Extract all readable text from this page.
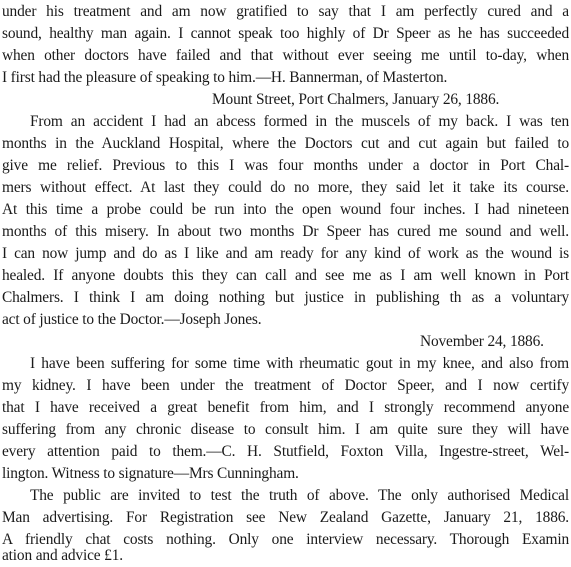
under his treatment and am now gratified to say that I am perfectly cured and a
sound, healthy man again. I cannot speak too highly of Dr Speer as he has succeeded
when other doctors have failed and that without ever seeing me until to-day, when
I first had the pleasure of speaking to him.—H. Bannerman, of Masterton.
Mount Street, Port Chalmers, January 26, 1886.
From an accident I had an abcess formed in the muscels of my back. I was ten
months in the Auckland Hospital, where the Doctors cut and cut again but failed to
give me relief. Previous to this I was four months under a doctor in Port Chal-
mers without effect. At last they could do no more, they said let it take its course.
At this time a probe could be run into the open wound four inches. I had nineteen
months of this misery. In about two months Dr Speer has cured me sound and well.
I can now jump and do as I like and am ready for any kind of work as the wound is
healed. If anyone doubts this they can call and see me as I am well known in Port
Chalmers. I think I am doing nothing but justice in publishing th as a voluntary
act of justice to the Doctor.—Joseph Jones.
November 24, 1886.
I have been suffering for some time with rheumatic gout in my knee, and also from
my kidney. I have been under the treatment of Doctor Speer, and I now certify
that I have received a great benefit from him, and I strongly recommend anyone
suffering from any chronic disease to consult him. I am quite sure they will have
every attention paid to them.—C. H. Stutfield, Foxton Villa, Ingestre-street, Wel-
lington. Witness to signature—Mrs Cunningham.
The public are invited to test the truth of above. The only authorised Medical
Man advertising. For Registration see New Zealand Gazette, January 21, 1886.
A friendly chat costs nothing. Only one interview necessary. Thorough Examin
ation and advice £1.
